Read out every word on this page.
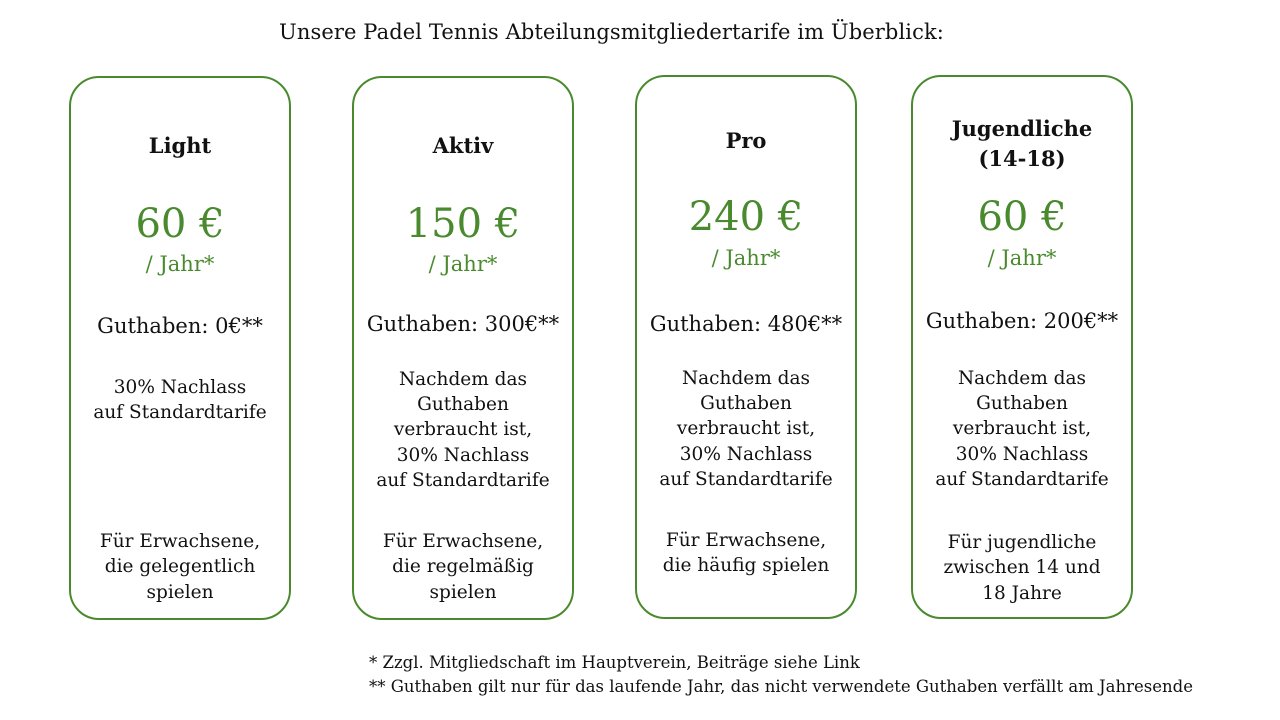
Unsere Padel Tennis Abteilungsmitgliedertarife im Überblick:
Light
60 €
/ Jahr*
Guthaben: 0€**
30% Nachlass
auf Standardtarife
Für Erwachsene,
die gelegentlich
spielen
Aktiv
150 €
/ Jahr*
Guthaben: 300€**
Nachdem das
Guthaben
verbraucht ist,
30% Nachlass
auf Standardtarife
Für Erwachsene,
die regelmäßig
spielen
Pro
240 €
/ Jahr*
Guthaben: 480€**
Nachdem das
Guthaben
verbraucht ist,
30% Nachlass
auf Standardtarife
Für Erwachsene,
die häufig spielen
Jugendliche
(14-18)
60 €
/ Jahr*
Guthaben: 200€**
Nachdem das
Guthaben
verbraucht ist,
30% Nachlass
auf Standardtarife
Für jugendliche
zwischen 14 und
18 Jahre
* Zzgl. Mitgliedschaft im Hauptverein, Beiträge siehe Link
** Guthaben gilt nur für das laufende Jahr, das nicht verwendete Guthaben verfällt am Jahresende
